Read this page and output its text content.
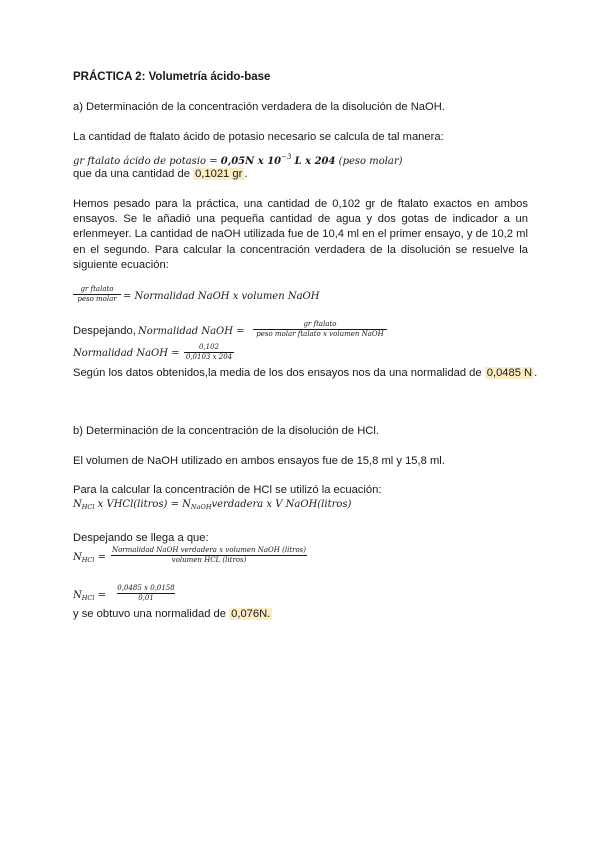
PRÁCTICA 2: Volumetría ácido-base
a) Determinación de la concentración verdadera de la disolución de NaOH.
La cantidad de ftalato ácido de potasio necesario se calcula de tal manera:
gr ftalato ácido de potasio = 0,05N x $10^{-3}$ L x 204 (peso molar)
que da una cantidad de 0,1021 gr .
Hemos pesado para la práctica, una cantidad de 0,102 gr de ftalato exactos en ambos ensayos. Se le añadió una pequeña cantidad de agua y dos gotas de indicador a un erlenmeyer. La cantidad de naOH utilizada fue de 10,4 ml en el primer ensayo, y de 10,2 ml en el segundo. Para calcular la concentración verdadera de la disolución se resuelve la siguiente ecuación:
gr ftalato
peso molar = Normalidad NaOH x volumen NaOH
Despejando, Normalidad NaOH =
gr ftalato
peso molar ftalato x volumen NaOH
Normalidad NaOH =
0,102
0,0103 x 204
Según los datos obtenidos,la media de los dos ensayos nos da una normalidad de 0,0485 N .
b) Determinación de la concentración de la disolución de HCl.
El volumen de NaOH utilizado en ambos ensayos fue de 15,8 ml y 15,8 ml.
Para la calcular la concentración de HCl se utilizó la ecuación:
$N_{HCl}$ x VHCl(litros) = $N_{NaOH}verdadera$ x V NaOH(litros)
Despejando se llega a que:
$N_{HCl}$ =
Normalidad NaOH verdadera x volumen NaOH (litros)
volumen HCL (litros)
$N_{HCl}$ =
0,0485 x 0,0158
0,01
y se obtuvo una normalidad de 0,076N.
